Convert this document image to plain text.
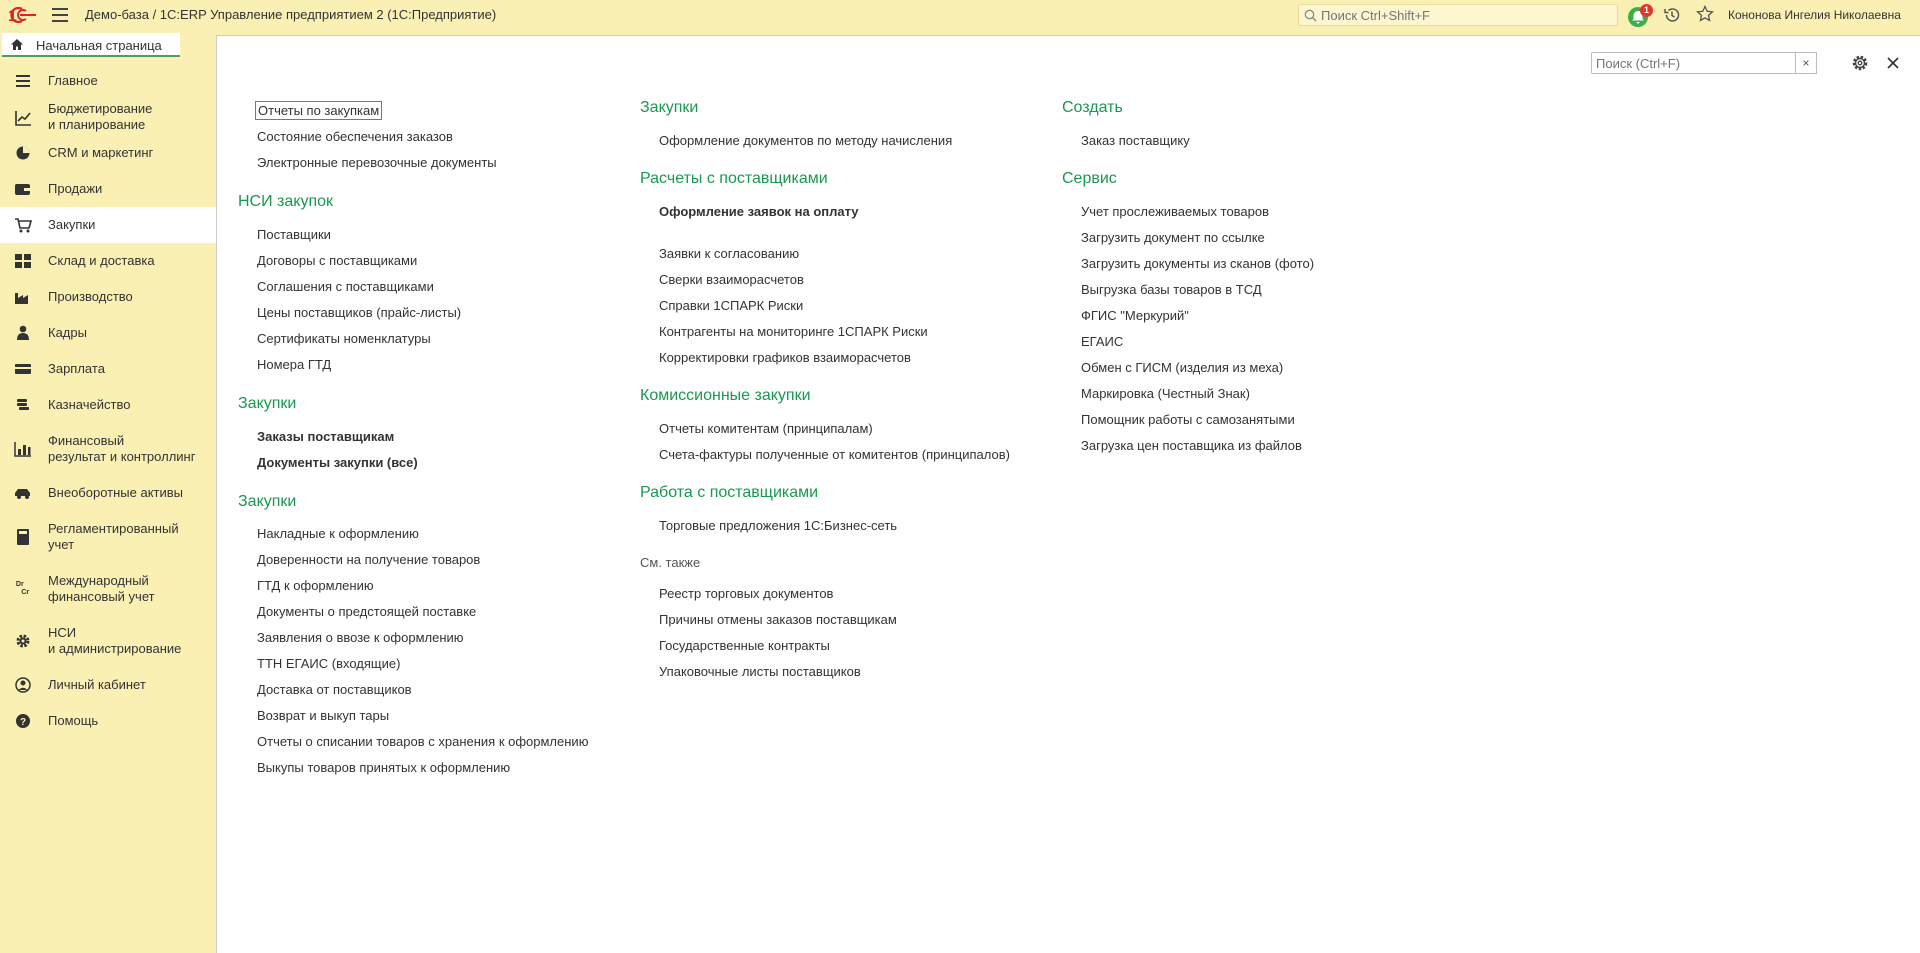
1	Демо-база / 1С:ERP Управление предприятием 2 (1С:Предприятие)
Поиск Ctrl+Shift+F	1	Кононова Ингелия Николаевна
Начальная страница
Главное
Бюджетирование
и планирование
CRM и маркетинг
Продажи
Закупки
Склад и доставка
Производство
Кадры
Зарплата
Казначейство
Финансовый
результат и контроллинг
Внеоборотные активы
Регламентированный
учет
Dr
Cr
Международный
финансовый учет
НСИ
и администрирование
Личный кабинет
? Помощь
Поиск (Ctrl+F)
×
Отчеты по закупкам
Состояние обеспечения заказов
Электронные перевозочные документы
НСИ закупок
Поставщики
Договоры с поставщиками
Соглашения с поставщиками
Цены поставщиков (прайс-листы)
Сертификаты номенклатуры
Номера ГТД
Закупки
Заказы поставщикам
Документы закупки (все)
Закупки
Накладные к оформлению
Доверенности на получение товаров
ГТД к оформлению
Документы о предстоящей поставке
Заявления о ввозе к оформлению
ТТН ЕГАИС (входящие)
Доставка от поставщиков
Возврат и выкуп тары
Отчеты о списании товаров с хранения к оформлению
Выкупы товаров принятых к оформлению
Закупки
Оформление документов по методу начисления
Расчеты с поставщиками
Оформление заявок на оплату
Заявки к согласованию
Сверки взаиморасчетов
Справки 1СПАРК Риски
Контрагенты на мониторинге 1СПАРК Риски
Корректировки графиков взаиморасчетов
Комиссионные закупки
Отчеты комитентам (принципалам)
Счета-фактуры полученные от комитентов (принципалов)
Работа с поставщиками
Торговые предложения 1С:Бизнес-сеть
См. также
Реестр торговых документов
Причины отмены заказов поставщикам
Государственные контракты
Упаковочные листы поставщиков
Создать
Заказ поставщику
Сервис
Учет прослеживаемых товаров
Загрузить документ по ссылке
Загрузить документы из сканов (фото)
Выгрузка базы товаров в ТСД
ФГИС "Меркурий"
ЕГАИС
Обмен с ГИСМ (изделия из меха)
Маркировка (Честный Знак)
Помощник работы с самозанятыми
Загрузка цен поставщика из файлов
